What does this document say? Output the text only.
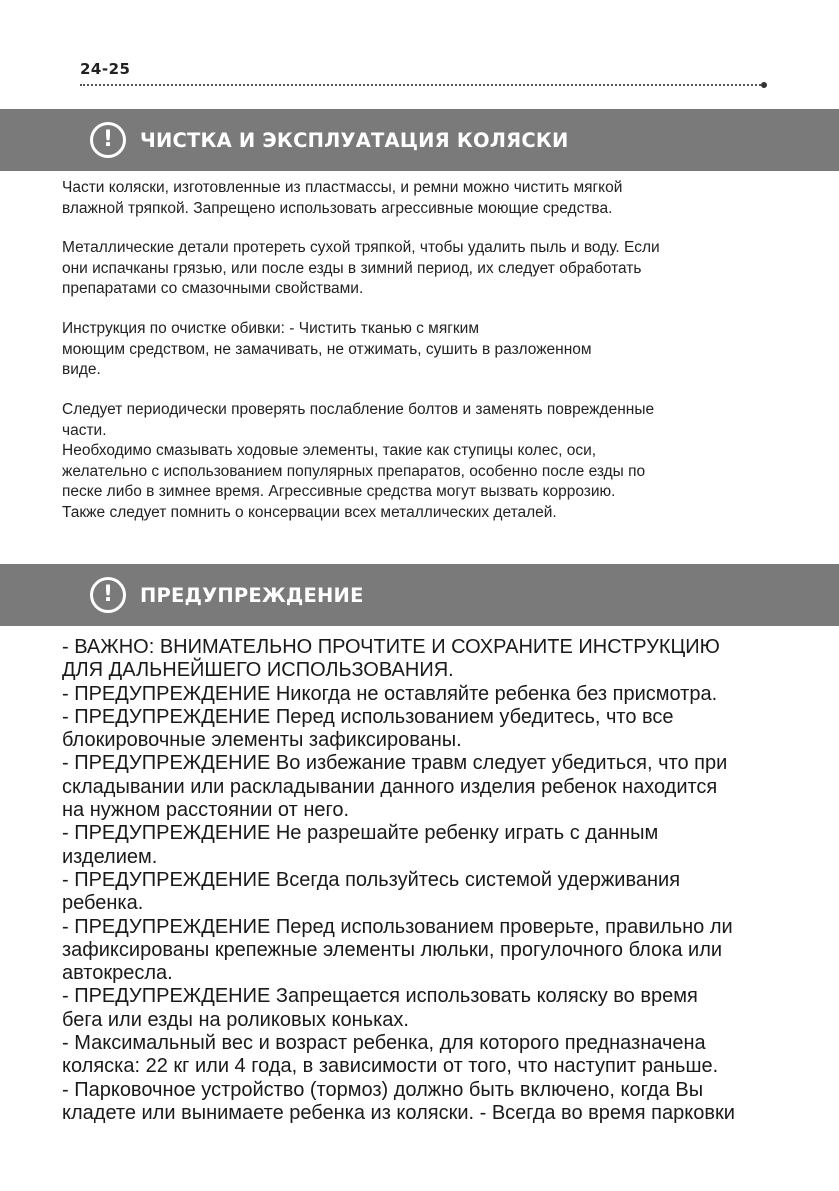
24-25
!	ЧИСТКА И ЭКСПЛУАТАЦИЯ КОЛЯСКИ

Части коляски, изготовленные из пластмассы, и ремни можно чистить мягкой
влажной тряпкой. Запрещено использовать агрессивные моющие средства.

Металлические детали протереть сухой тряпкой, чтобы удалить пыль и воду. Если
они испачканы грязью, или после езды в зимний период, их следует обработать
препаратами со смазочными свойствами.

Инструкция по очистке обивки: - Чистить тканью с мягким
моющим средством, не замачивать, не отжимать, сушить в разложенном
виде.

Следует периодически проверять послабление болтов и заменять поврежденные
части.
Необходимо смазывать ходовые элементы, такие как ступицы колес, оси,
желательно с использованием популярных препаратов, особенно после езды по
песке либо в зимнее время. Агрессивные средства могут вызвать коррозию.
Также следует помнить о консервации всех металлических деталей.

!	ПРЕДУПРЕЖДЕНИЕ

- ВАЖНО: ВНИМАТЕЛЬНО ПРОЧТИТЕ И СОХРАНИТЕ ИНСТРУКЦИЮ
ДЛЯ ДАЛЬНЕЙШЕГО ИСПОЛЬЗОВАНИЯ.

- ПРЕДУПРЕЖДЕНИЕ Никогда не оставляйте ребенка без присмотра.

- ПРЕДУПРЕЖДЕНИЕ Перед использованием убедитесь, что все
блокировочные элементы зафиксированы.

- ПРЕДУПРЕЖДЕНИЕ Во избежание травм следует убедиться, что при
складывании или раскладывании данного изделия ребенок находится
на нужном расстоянии от него.

- ПРЕДУПРЕЖДЕНИЕ Не разрешайте ребенку играть с данным
изделием.

- ПРЕДУПРЕЖДЕНИЕ Всегда пользуйтесь системой удерживания
ребенка.

- ПРЕДУПРЕЖДЕНИЕ Перед использованием проверьте, правильно ли
зафиксированы крепежные элементы люльки, прогулочного блока или
автокресла.

- ПРЕДУПРЕЖДЕНИЕ Запрещается использовать коляску во время
бега или езды на роликовых коньках.

- Максимальный вес и возраст ребенка, для которого предназначена
коляска: 22 кг или 4 года, в зависимости от того, что наступит раньше.

- Парковочное устройство (тормоз) должно быть включено, когда Вы
кладете или вынимаете ребенка из коляски. - Всегда во время парковки
